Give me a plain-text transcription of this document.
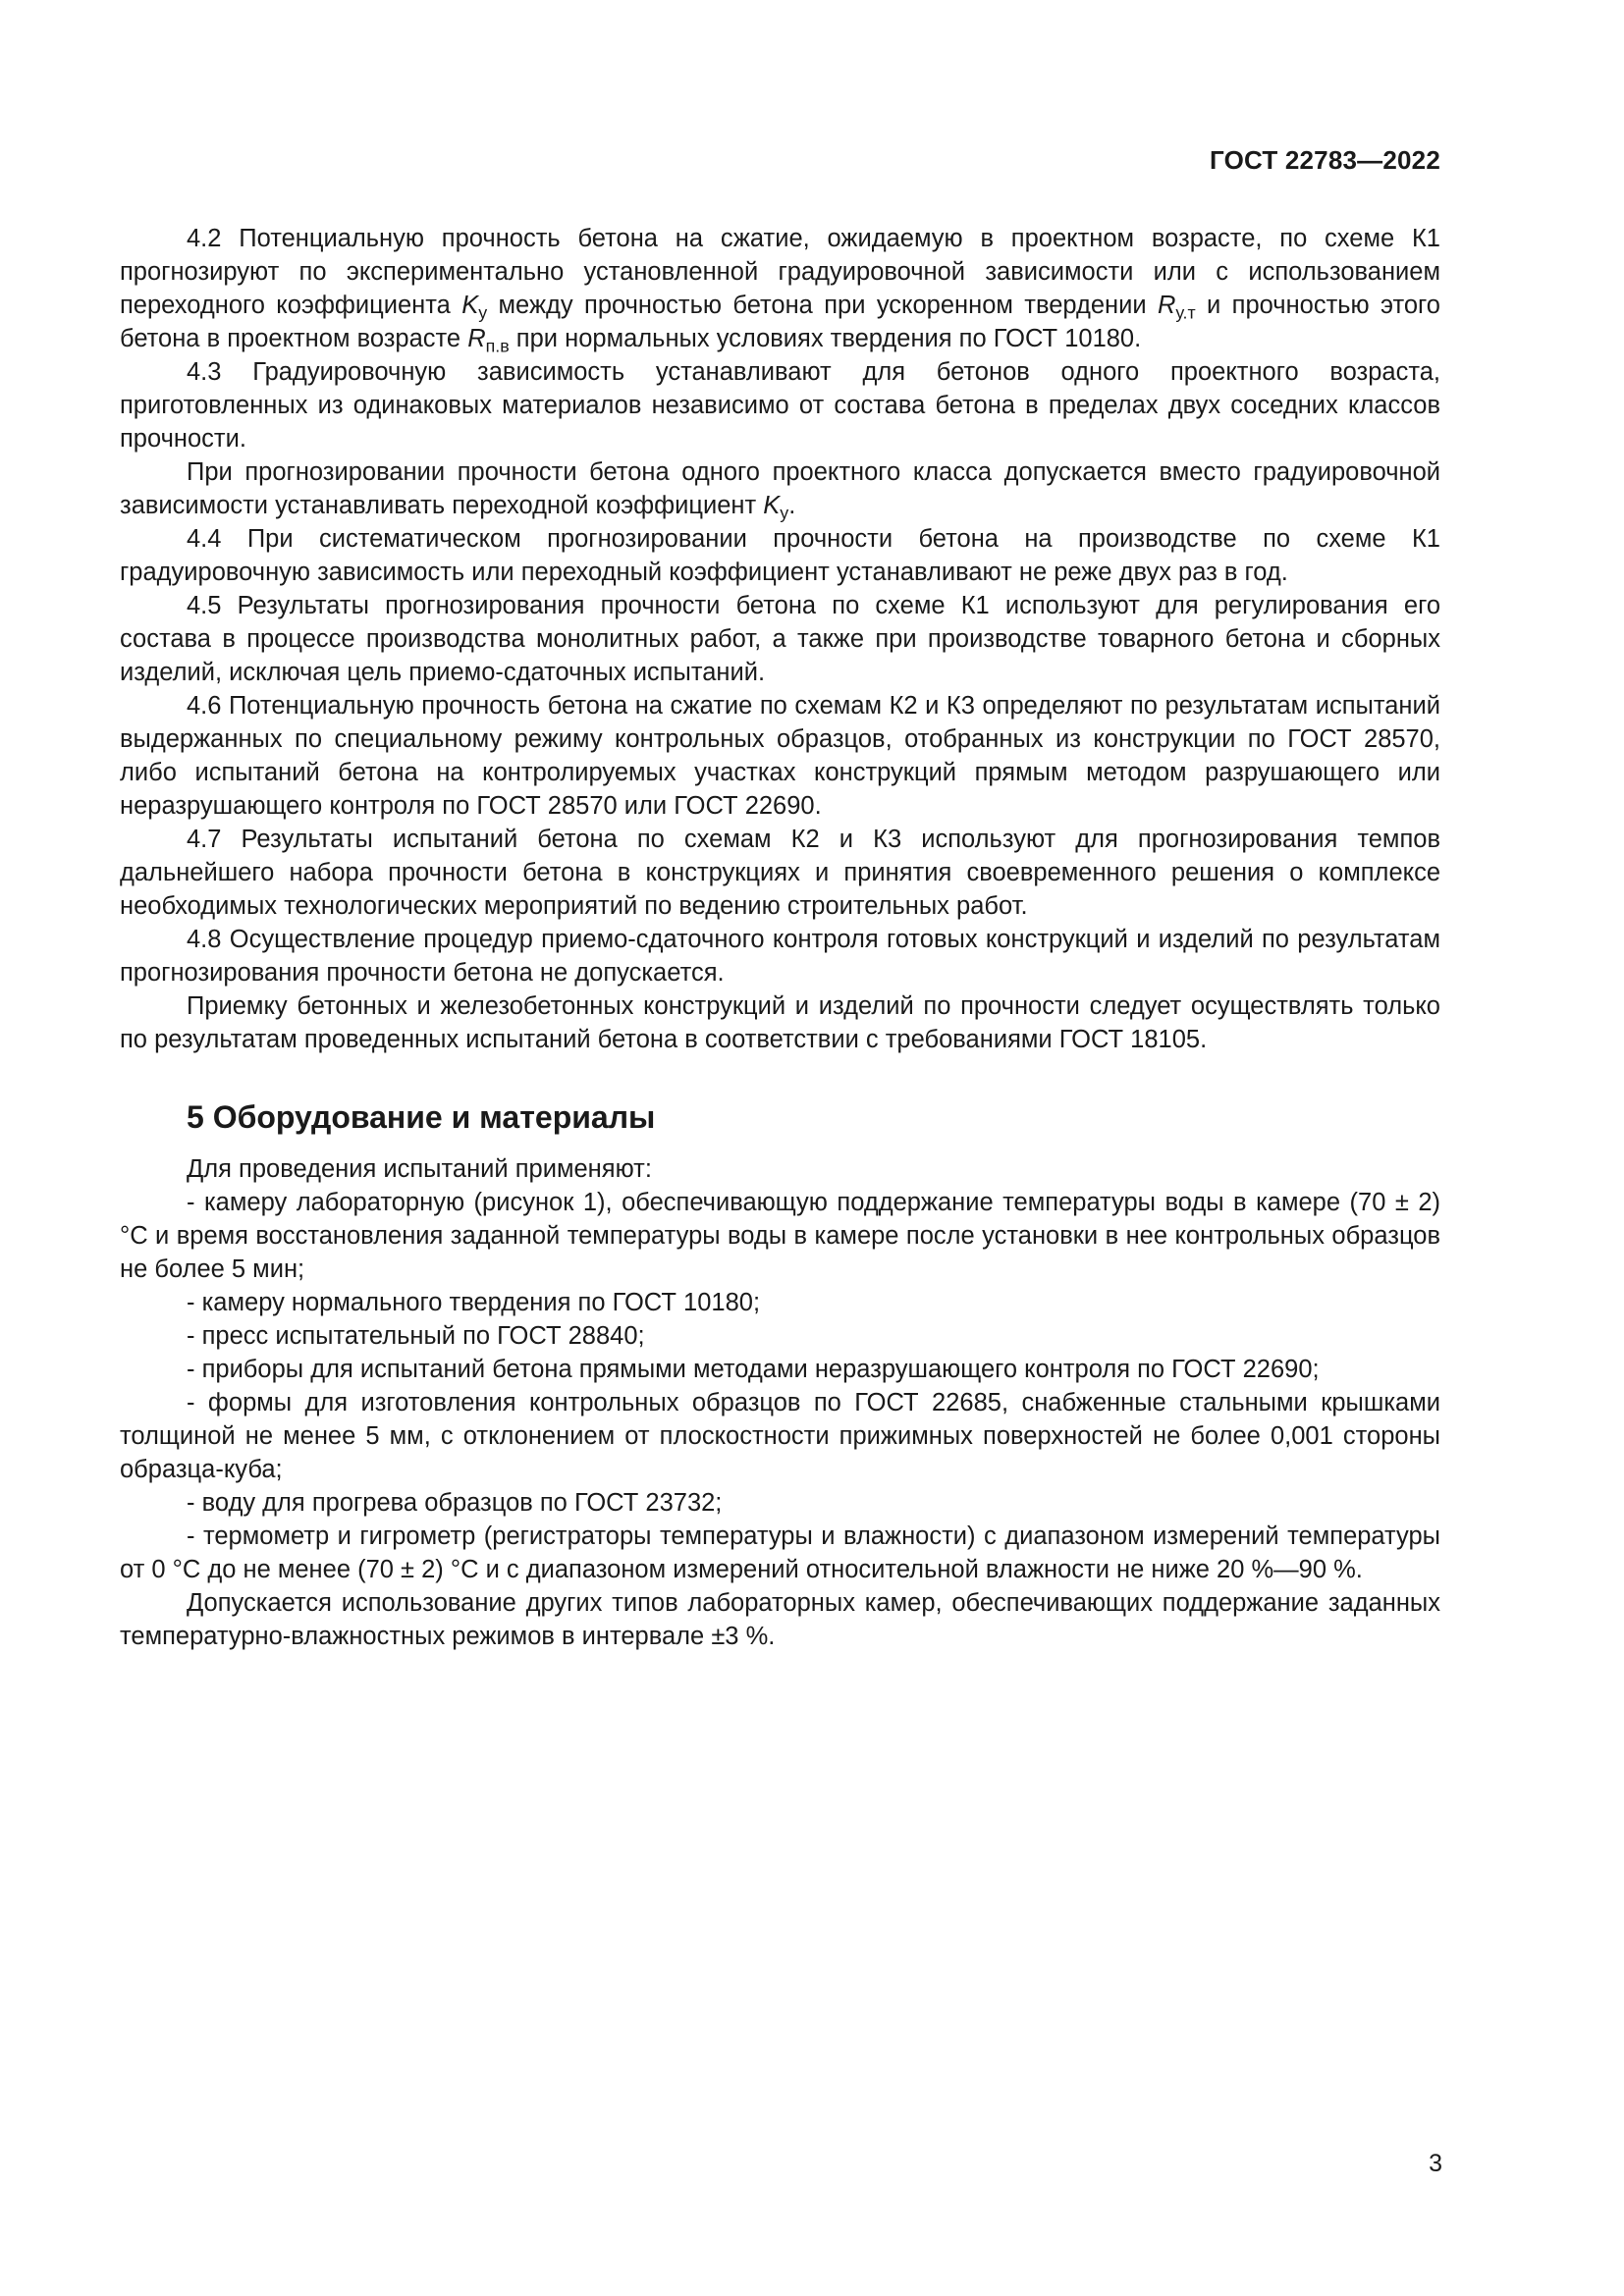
ГОСТ 22783—2022

4.2 Потенциальную прочность бетона на сжатие, ожидаемую в проектном возрасте, по схеме К1 прогнозируют по экспериментально установленной градуировочной зависимости или с использованием переходного коэффициента $K_у$ между прочностью бетона при ускоренном твердении $R_{у.т}$ и прочностью этого бетона в проектном возрасте $R_{п.в}$ при нормальных условиях твердения по ГОСТ 10180.

4.3 Градуировочную зависимость устанавливают для бетонов одного проектного возраста, приготовленных из одинаковых материалов независимо от состава бетона в пределах двух соседних классов прочности.

При прогнозировании прочности бетона одного проектного класса допускается вместо градуировочной зависимости устанавливать переходной коэффициент $K_у$.

4.4 При систематическом прогнозировании прочности бетона на производстве по схеме К1 градуировочную зависимость или переходный коэффициент устанавливают не реже двух раз в год.

4.5 Результаты прогнозирования прочности бетона по схеме К1 используют для регулирования его состава в процессе производства монолитных работ, а также при производстве товарного бетона и сборных изделий, исключая цель приемо-сдаточных испытаний.

4.6 Потенциальную прочность бетона на сжатие по схемам К2 и К3 определяют по результатам испытаний выдержанных по специальному режиму контрольных образцов, отобранных из конструкции по ГОСТ 28570, либо испытаний бетона на контролируемых участках конструкций прямым методом разрушающего или неразрушающего контроля по ГОСТ 28570 или ГОСТ 22690.

4.7 Результаты испытаний бетона по схемам К2 и К3 используют для прогнозирования темпов дальнейшего набора прочности бетона в конструкциях и принятия своевременного решения о комплексе необходимых технологических мероприятий по ведению строительных работ.

4.8 Осуществление процедур приемо-сдаточного контроля готовых конструкций и изделий по результатам прогнозирования прочности бетона не допускается.

Приемку бетонных и железобетонных конструкций и изделий по прочности следует осуществлять только по результатам проведенных испытаний бетона в соответствии с требованиями ГОСТ 18105.

5 Оборудование и материалы

Для проведения испытаний применяют:

- камеру лабораторную (рисунок 1), обеспечивающую поддержание температуры воды в камере (70 ± 2) °С и время восстановления заданной температуры воды в камере после установки в нее контрольных образцов не более 5 мин;

- камеру нормального твердения по ГОСТ 10180;

- пресс испытательный по ГОСТ 28840;

- приборы для испытаний бетона прямыми методами неразрушающего контроля по ГОСТ 22690;

- формы для изготовления контрольных образцов по ГОСТ 22685, снабженные стальными крышками толщиной не менее 5 мм, с отклонением от плоскостности прижимных поверхностей не более 0,001 стороны образца-куба;

- воду для прогрева образцов по ГОСТ 23732;

- термометр и гигрометр (регистраторы температуры и влажности) с диапазоном измерений температуры от 0 °С до не менее (70 ± 2) °С и с диапазоном измерений относительной влажности не ниже 20 %—90 %.

Допускается использование других типов лабораторных камер, обеспечивающих поддержание заданных температурно-влажностных режимов в интервале ±3 %.

3
